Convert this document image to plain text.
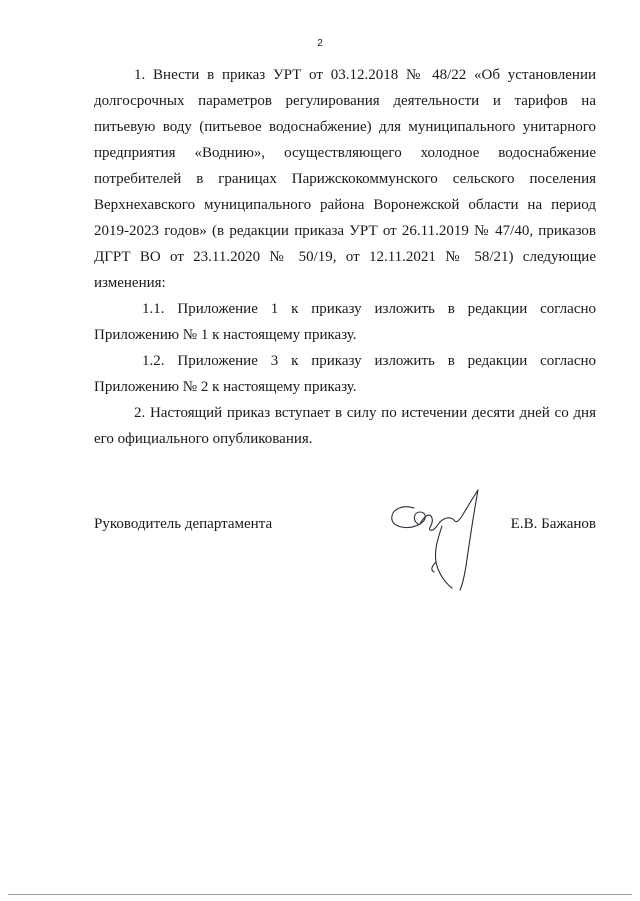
2

1. Внести в приказ УРТ от 03.12.2018 № 48/22 «Об установлении долгосрочных параметров регулирования деятельности и тарифов на питьевую воду (питьевое водоснабжение) для муниципального унитарного предприятия «Воднию», осуществляющего холодное водоснабжение потребителей в границах Парижскокоммунского сельского поселения Верхнехавского муниципального района Воронежской области на период 2019-2023 годов» (в редакции приказа УРТ от 26.11.2019 № 47/40, приказов ДГРТ ВО от 23.11.2020 № 50/19, от 12.11.2021 № 58/21) следующие изменения:

1.1. Приложение 1 к приказу изложить в редакции согласно Приложению № 1 к настоящему приказу.

1.2. Приложение 3 к приказу изложить в редакции согласно Приложению № 2 к настоящему приказу.

2. Настоящий приказ вступает в силу по истечении десяти дней со дня его официального опубликования.

Руководитель департамента	Е.В. Бажанов
